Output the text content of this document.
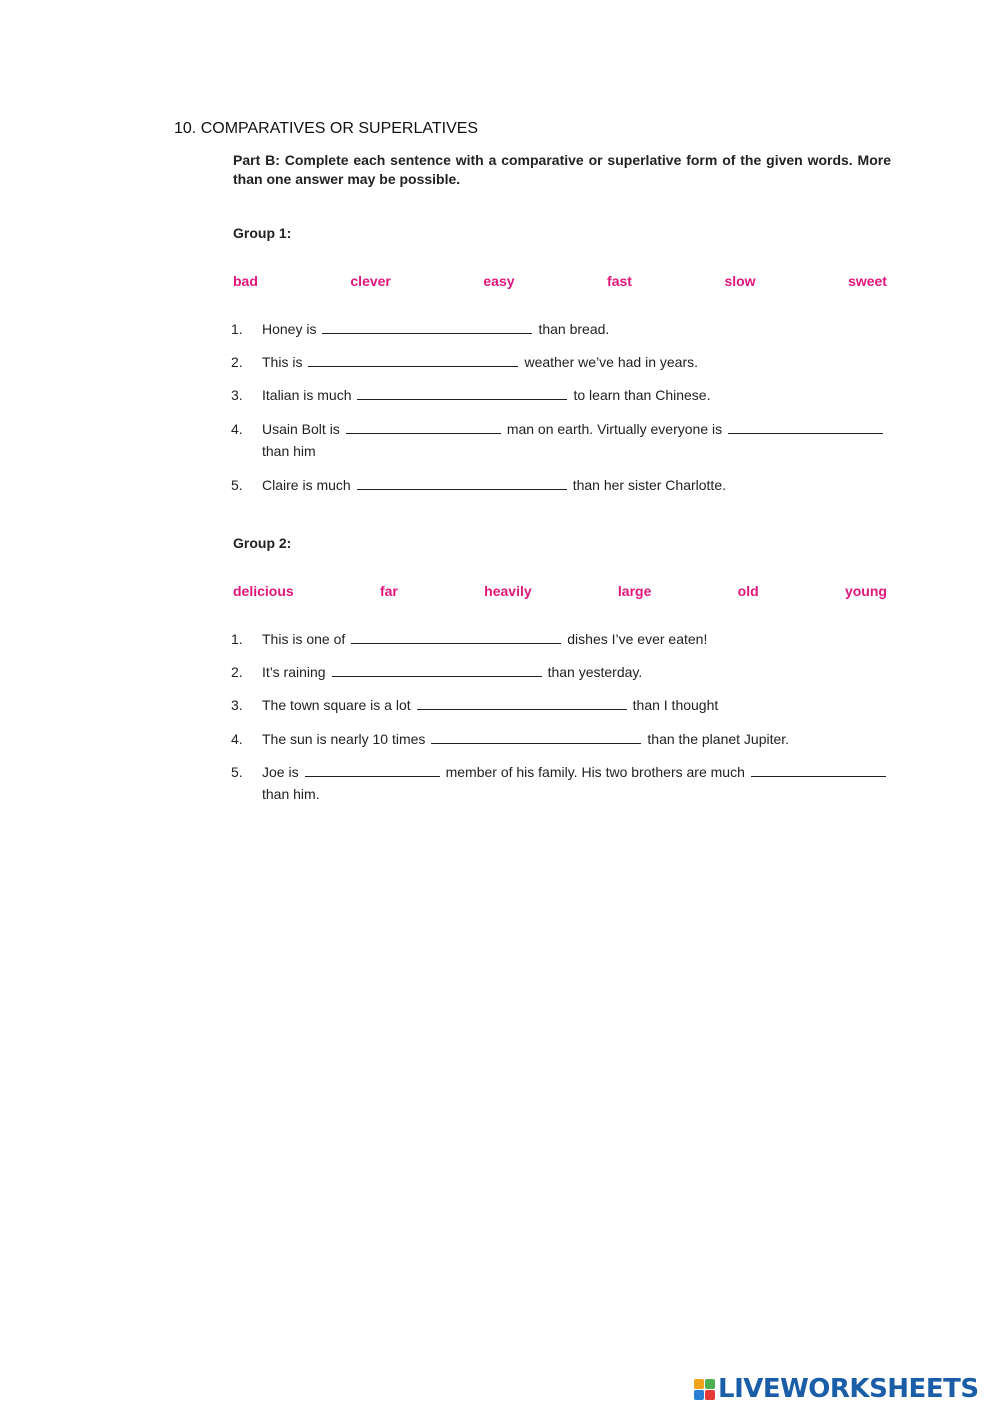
10. COMPARATIVES OR SUPERLATIVES
Part B: Complete each sentence with a comparative or superlative form of the given words. More than one answer may be possible.
Group 1:
bad	clever	easy	fast	slow	sweet
1.	Honey is	than bread.
2.	This is	weather we’ve had in years.
3.	Italian is much	to learn than Chinese.
4.	Usain Bolt is	man on earth. Virtually everyone is
than him
5.	Claire is much	than her sister Charlotte.
Group 2:
delicious	far	heavily	large	old	young
1.	This is one of	dishes I’ve ever eaten!
2.	It’s raining	than yesterday.
3.	The town square is a lot	than I thought
4.	The sun is nearly 10 times	than the planet Jupiter.
5.	Joe is	member of his family. His two brothers are much
than him.
LIVEWORKSHEETS
